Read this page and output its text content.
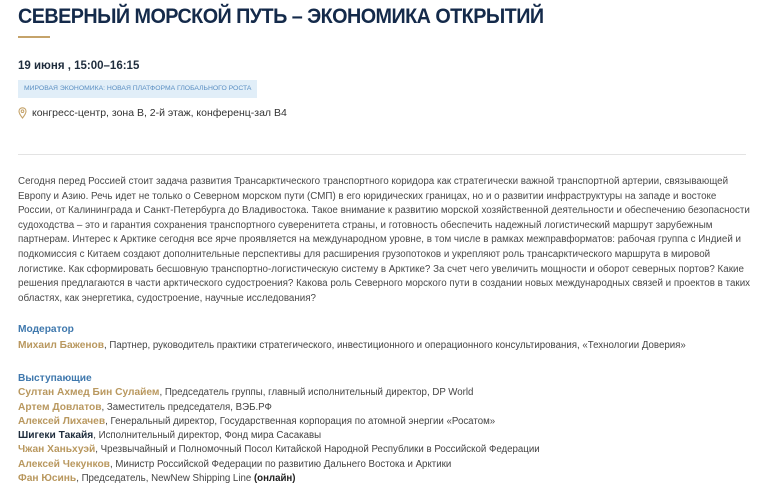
СЕВЕРНЫЙ МОРСКОЙ ПУТЬ – ЭКОНОМИКА ОТКРЫТИЙ
19 июня , 15:00–16:15
МИРОВАЯ ЭКОНОМИКА: НОВАЯ ПЛАТФОРМА ГЛОБАЛЬНОГО РОСТА
конгресс-центр, зона B, 2-й этаж, конференц-зал B4
Сегодня перед Россией стоит задача развития Трансарктического транспортного коридора как стратегически важной транспортной артерии, связывающей Европу и Азию. Речь идет не только о Северном морском пути (СМП) в его юридических границах, но и о развитии инфраструктуры на западе и востоке России, от Калининграда и Санкт-Петербурга до Владивостока. Такое внимание к развитию морской хозяйственной деятельности и обеспечению безопасности судоходства – это и гарантия сохранения транспортного суверенитета страны, и готовность обеспечить надежный логистический маршрут зарубежным партнерам. Интерес к Арктике сегодня все ярче проявляется на международном уровне, в том числе в рамках межправформатов: рабочая группа с Индией и подкомиссия с Китаем создают дополнительные перспективы для расширения грузопотоков и укрепляют роль трансарктического маршрута в мировой логистике. Как сформировать бесшовную транспортно-логистическую систему в Арктике? За счет чего увеличить мощности и оборот северных портов? Какие решения предлагаются в части арктического судостроения? Какова роль Северного морского пути в создании новых международных связей и проектов в таких областях, как энергетика, судостроение, научные исследования?
Модератор
Михаил Баженов, Партнер, руководитель практики стратегического, инвестиционного и операционного консультирования, «Технологии Доверия»
Выступающие
Султан Ахмед Бин Сулайем, Председатель группы, главный исполнительный директор, DP World
Артем Довлатов, Заместитель председателя, ВЭБ.РФ
Алексей Лихачев, Генеральный директор, Государственная корпорация по атомной энергии «Росатом»
Шигеки Такайя, Исполнительный директор, Фонд мира Сасакавы
Чжан Ханьхуэй, Чрезвычайный и Полномочный Посол Китайской Народной Республики в Российской Федерации
Алексей Чекунков, Министр Российской Федерации по развитию Дальнего Востока и Арктики
Фан Юсинь, Председатель, NewNew Shipping Line (онлайн)
